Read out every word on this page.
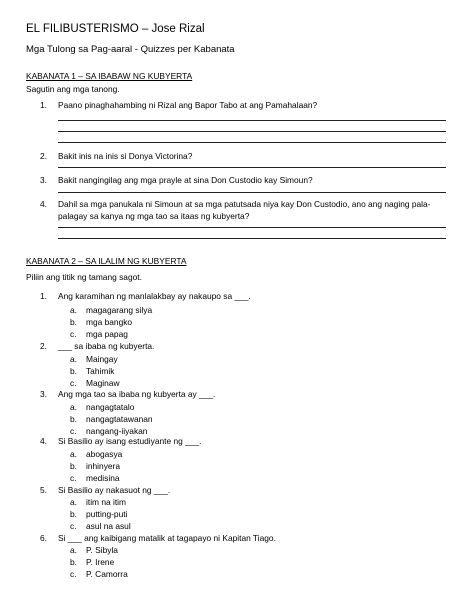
EL FILIBUSTERISMO – Jose Rizal
Mga Tulong sa Pag-aaral - Quizzes per Kabanata
KABANATA 1 – SA IBABAW NG KUBYERTA
Sagutin ang mga tanong.
1. Paano pinaghahambing ni Rizal ang Bapor Tabo at ang Pamahalaan?
2. Bakit inis na inis si Donya Victorina?
3. Bakit nangingilag ang mga prayle at sina Don Custodio kay Simoun?
4. Dahil sa mga panukala ni Simoun at sa mga patutsada niya kay Don Custodio, ano ang naging pala-palagay sa kanya ng mga tao sa itaas ng kubyerta?
KABANATA 2 – SA ILALIM NG KUBYERTA
Piliin ang titik ng tamang sagot.
1. Ang karamihan ng manlalakbay ay nakaupo sa ___.
a. magagarang silya
b. mga bangko
c. mga papag
2. ___ sa ibaba ng kubyerta.
a. Maingay
b. Tahimik
c. Maginaw
3. Ang mga tao sa ibaba ng kubyerta ay ___.
a. nangagtatalo
b. nangagtatawanan
c. nangang-iiyakan
4. Si Basilio ay isang estudiyante ng ___.
a. abogasya
b. inhinyera
c. medisina
5. Si Basilio ay nakasuot ng ___.
a. itim na itim
b. putting-puti
c. asul na asul
6. Si ___ ang kaibigang matalik at tagapayo ni Kapitan Tiago.
a. P. Sibyla
b. P. Irene
c. P. Camorra
